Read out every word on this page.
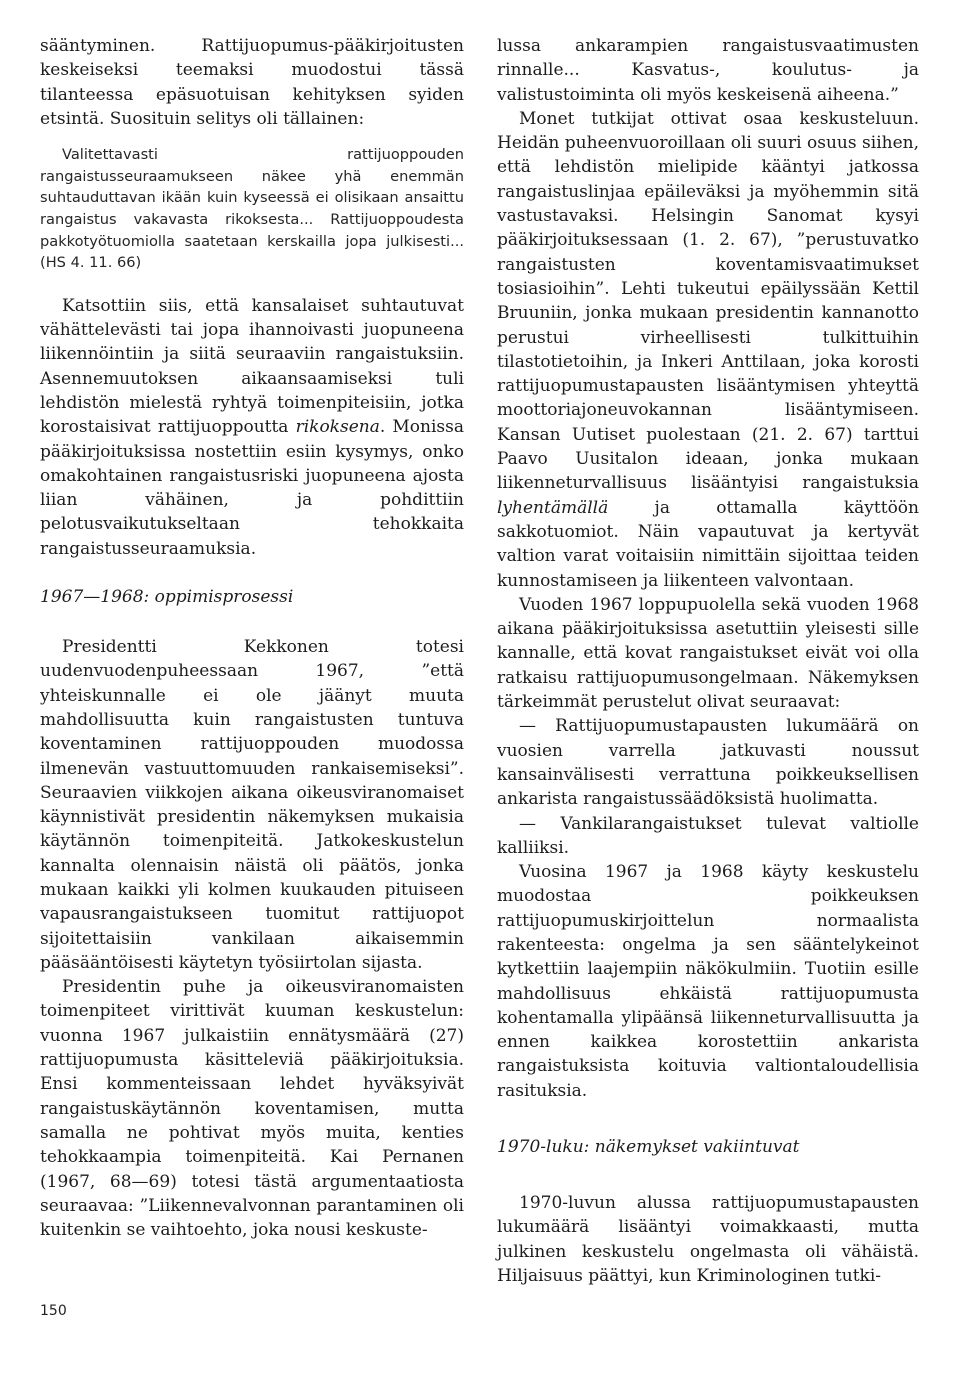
sääntyminen. Rattijuopumus-pääkirjoitusten keskeiseksi teemaksi muodostui tässä tilanteessa epäsuotuisan kehityksen syiden etsintä. Suosituin selitys oli tällainen:

Valitettavasti rattijuoppouden rangaistusseuraamukseen näkee yhä enemmän suhtauduttavan ikään kuin kyseessä ei olisikaan ansaittu rangaistus vakavasta rikoksesta... Rattijuoppoudesta pakkotyötuomiolla saatetaan kerskailla jopa julkisesti... (HS 4. 11. 66)

Katsottiin siis, että kansalaiset suhtautuvat vähättelevästi tai jopa ihannoivasti juopuneena liikennöintiin ja siitä seuraaviin rangaistuksiin. Asennemuutoksen aikaansaamiseksi tuli lehdistön mielestä ryhtyä toimenpiteisiin, jotka korostaisivat rattijuoppoutta rikoksena. Monissa pääkirjoituksissa nostettiin esiin kysymys, onko omakohtainen rangaistusriski juopuneena ajosta liian vähäinen, ja pohdittiin pelotusvaikutukseltaan tehokkaita rangaistusseuraamuksia.

1967—1968: oppimisprosessi

Presidentti Kekkonen totesi uudenvuodenpuheessaan 1967, ”että yhteiskunnalle ei ole jäänyt muuta mahdollisuutta kuin rangaistusten tuntuva koventaminen rattijuoppouden muodossa ilmenevän vastuuttomuuden rankaisemiseksi”. Seuraavien viikkojen aikana oikeusviranomaiset käynnistivät presidentin näkemyksen mukaisia käytännön toimenpiteitä. Jatkokeskustelun kannalta olennaisin näistä oli päätös, jonka mukaan kaikki yli kolmen kuukauden pituiseen vapausrangaistukseen tuomitut rattijuopot sijoitettaisiin vankilaan aikaisemmin pääsääntöisesti käytetyn työsiirtolan sijasta.

Presidentin puhe ja oikeusviranomaisten toimenpiteet virittivät kuuman keskustelun: vuonna 1967 julkaistiin ennätysmäärä (27) rattijuopumusta käsitteleviä pääkirjoituksia. Ensi kommenteissaan lehdet hyväksyivät rangaistuskäytännön koventamisen, mutta samalla ne pohtivat myös muita, kenties tehokkaampia toimenpiteitä. Kai Pernanen (1967, 68—69) totesi tästä argumentaatiosta seuraavaa: ”Liikennevalvonnan parantaminen oli kuitenkin se vaihtoehto, joka nousi keskuste-

lussa ankarampien rangaistusvaatimusten rinnalle... Kasvatus-, koulutus- ja valistustoiminta oli myös keskeisenä aiheena.”

Monet tutkijat ottivat osaa keskusteluun. Heidän puheenvuoroillaan oli suuri osuus siihen, että lehdistön mielipide kääntyi jatkossa rangaistuslinjaa epäileväksi ja myöhemmin sitä vastustavaksi. Helsingin Sanomat kysyi pääkirjoituksessaan (1. 2. 67), ”perustuvatko rangaistusten koventamisvaatimukset tosiasioihin”. Lehti tukeutui epäilyssään Kettil Bruuniin, jonka mukaan presidentin kannanotto perustui virheellisesti tulkittuihin tilastotietoihin, ja Inkeri Anttilaan, joka korosti rattijuopumustapausten lisääntymisen yhteyttä moottoriajoneuvokannan lisääntymiseen. Kansan Uutiset puolestaan (21. 2. 67) tarttui Paavo Uusitalon ideaan, jonka mukaan liikenneturvallisuus lisääntyisi rangaistuksia lyhentämällä	ja ottamalla käyttöön sakkotuomiot. Näin vapautuvat ja kertyvät valtion varat voitaisiin nimittäin sijoittaa teiden kunnostamiseen ja liikenteen valvontaan.

Vuoden 1967 loppupuolella sekä vuoden 1968 aikana pääkirjoituksissa asetuttiin yleisesti sille kannalle, että kovat rangaistukset eivät voi olla ratkaisu rattijuopumusongelmaan. Näkemyksen tärkeimmät perustelut olivat seuraavat:

— Rattijuopumustapausten lukumäärä on vuosien varrella jatkuvasti noussut kansainvälisesti verrattuna poikkeuksellisen ankarista rangaistussäädöksistä huolimatta.

— Vankilarangaistukset tulevat valtiolle kalliiksi.

Vuosina 1967 ja 1968 käyty keskustelu muodostaa poikkeuksen rattijuopumuskirjoittelun normaalista rakenteesta: ongelma ja sen sääntelykeinot kytkettiin laajempiin näkökulmiin. Tuotiin esille mahdollisuus ehkäistä rattijuopumusta kohentamalla ylipäänsä liikenneturvallisuutta ja ennen kaikkea korostettiin ankarista rangaistuksista koituvia valtiontaloudellisia rasituksia.

1970-luku: näkemykset vakiintuvat

1970-luvun alussa rattijuopumustapausten lukumäärä lisääntyi voimakkaasti, mutta julkinen keskustelu ongelmasta oli vähäistä. Hiljaisuus päättyi, kun Kriminologinen tutki-

150
